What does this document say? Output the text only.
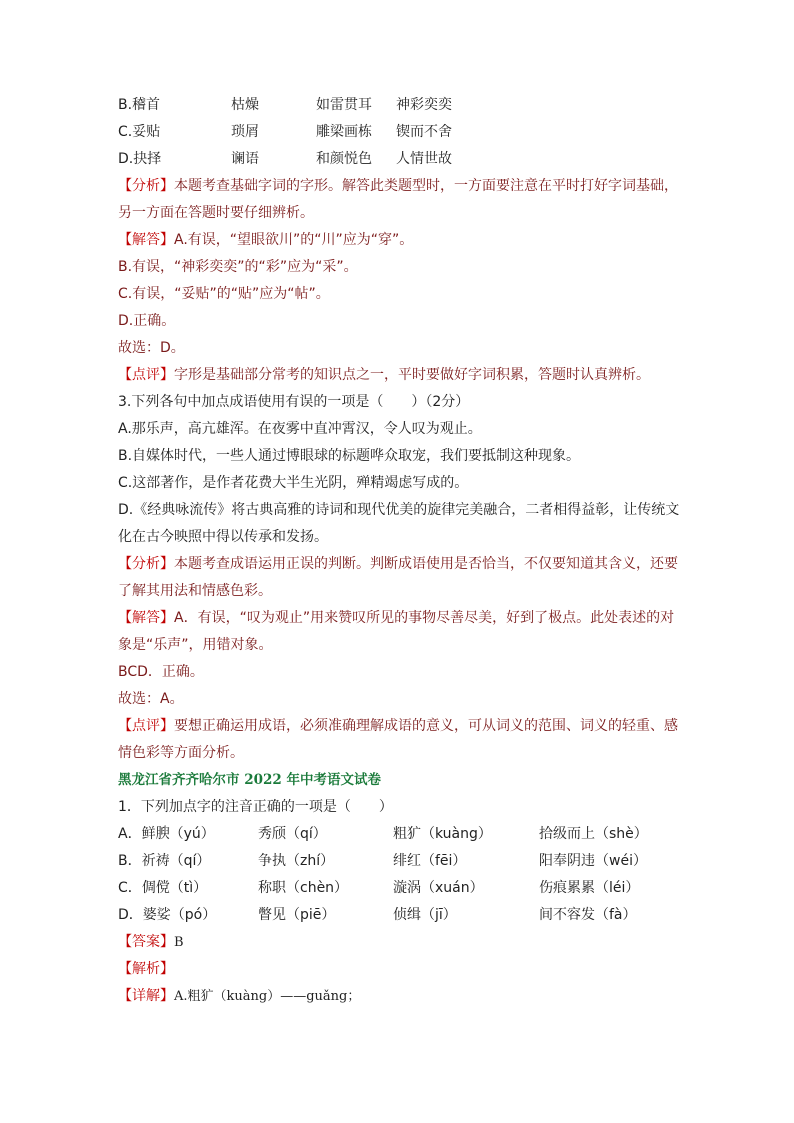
B.稽首	枯燥	如雷贯耳 神彩奕奕
C.妥贴	琐屑	雕梁画栋 锲而不舍
D.抉择	谰语	和颜悦色 人情世故
【分析】本题考查基础字词的字形。解答此类题型时，一方面要注意在平时打好字词基础，
另一方面在答题时要仔细辨析。
【解答】A.有误，“望眼欲川”的“川”应为“穿”。
B.有误，“神彩奕奕”的“彩”应为“采”。
C.有误，“妥贴”的“贴”应为“帖”。
D.正确。
故选：D。
【点评】字形是基础部分常考的知识点之一，平时要做好字词积累，答题时认真辨析。
3.下列各句中加点成语使用有误的一项是（　　）（2分）
A.那乐声，高亢雄浑。在夜雾中直冲霄汉，令人叹为观止。
B.自媒体时代，一些人通过博眼球的标题哗众取宠，我们要抵制这种现象。
C.这部著作，是作者花费大半生光阴，殚精竭虑写成的。
D.《经典咏流传》将古典高雅的诗词和现代优美的旋律完美融合，二者相得益彰，让传统文
化在古今映照中得以传承和发扬。
【分析】本题考查成语运用正误的判断。判断成语使用是否恰当，不仅要知道其含义，还要
了解其用法和情感色彩。
【解答】A．有误，“叹为观止”用来赞叹所见的事物尽善尽美，好到了极点。此处表述的对
象是“乐声”，用错对象。
BCD．正确。
故选：A。
【点评】要想正确运用成语，必须准确理解成语的意义，可从词义的范围、词义的轻重、感
情色彩等方面分析。
黑龙江省齐齐哈尔市 2022 年中考语文试卷
1．下列加点字的注音正确的一项是（　　）
A．鲜腴（yú）	秀颀（qí）	粗犷（kuàng）	拾级而上（shè）
B．祈祷（qí）	争执（zhí）	绯红（fēi）	阳奉阴违（wéi）
C．倜傥（tì）	称职（chèn）	漩涡（xuán）	伤痕累累（léi）
D．婆娑（pó）	瞥见（piē）	侦缉（jī）	间不容发（fà）
【答案】B
【解析】
【详解】A.粗犷（kuàng）——guǎng；
